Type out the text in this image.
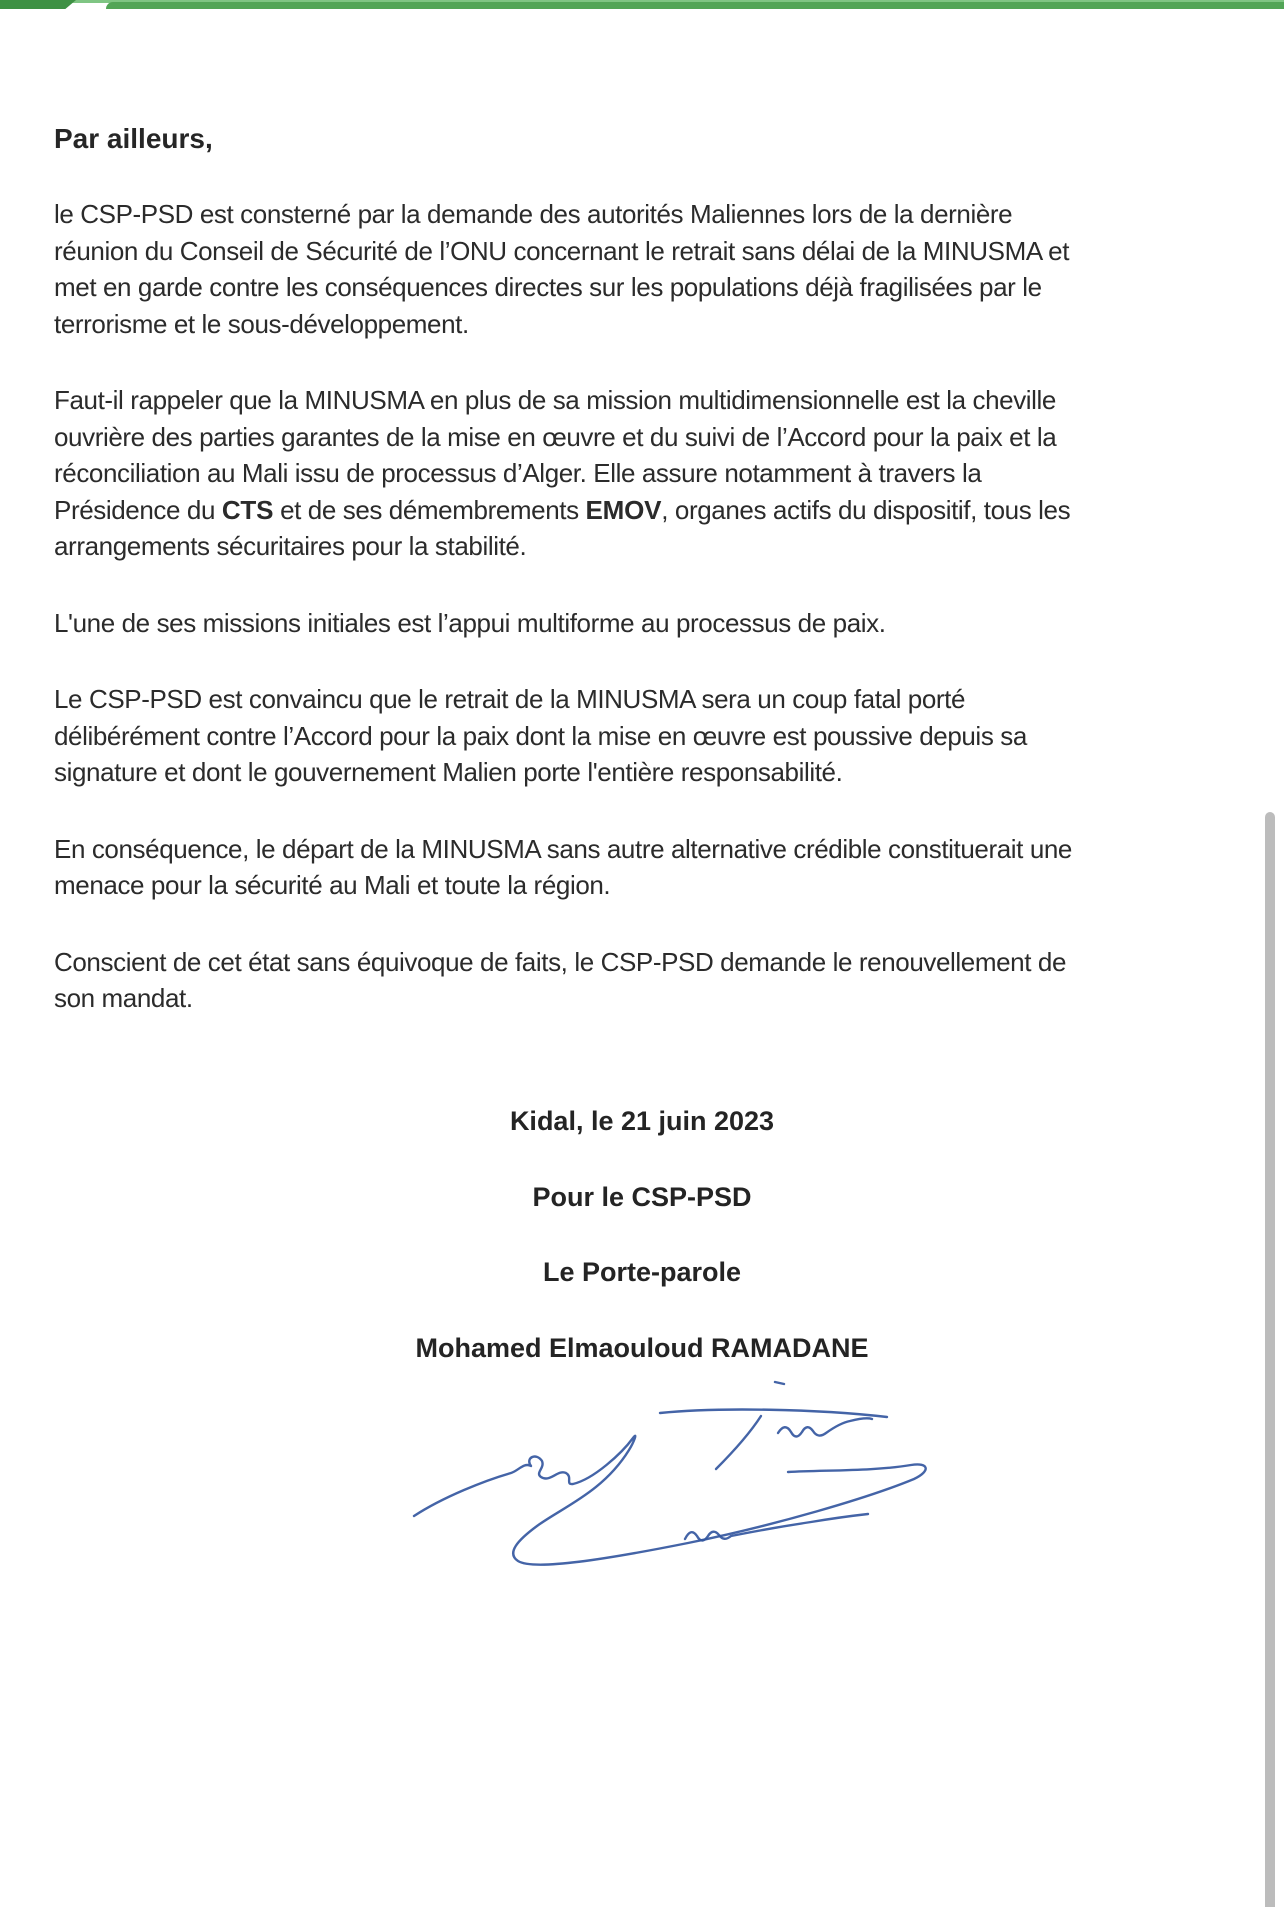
Par ailleurs,
le CSP-PSD est consterné par la demande des autorités Maliennes lors de la dernière
réunion du Conseil de Sécurité de l’ONU concernant le retrait sans délai de la MINUSMA et
met en garde contre les conséquences directes sur les populations déjà fragilisées par le
terrorisme et le sous-développement.
Faut-il rappeler que la MINUSMA en plus de sa mission multidimensionnelle est la cheville
ouvrière des parties garantes de la mise en œuvre et du suivi de l’Accord pour la paix et la
réconciliation au Mali issu de processus d’Alger. Elle assure notamment à travers la
Présidence du CTS et de ses démembrements EMOV, organes actifs du dispositif, tous les
arrangements sécuritaires pour la stabilité.
L'une de ses missions initiales est l’appui multiforme au processus de paix.
Le CSP-PSD est convaincu que le retrait de la MINUSMA sera un coup fatal porté
délibérément contre l’Accord pour la paix dont la mise en œuvre est poussive depuis sa
signature et dont le gouvernement Malien porte l'entière responsabilité.
En conséquence, le départ de la MINUSMA sans autre alternative crédible constituerait une
menace pour la sécurité au Mali et toute la région.
Conscient de cet état sans équivoque de faits, le CSP-PSD demande le renouvellement de
son mandat.
Kidal, le 21 juin 2023
Pour le CSP-PSD
Le Porte-parole
Mohamed Elmaouloud RAMADANE
